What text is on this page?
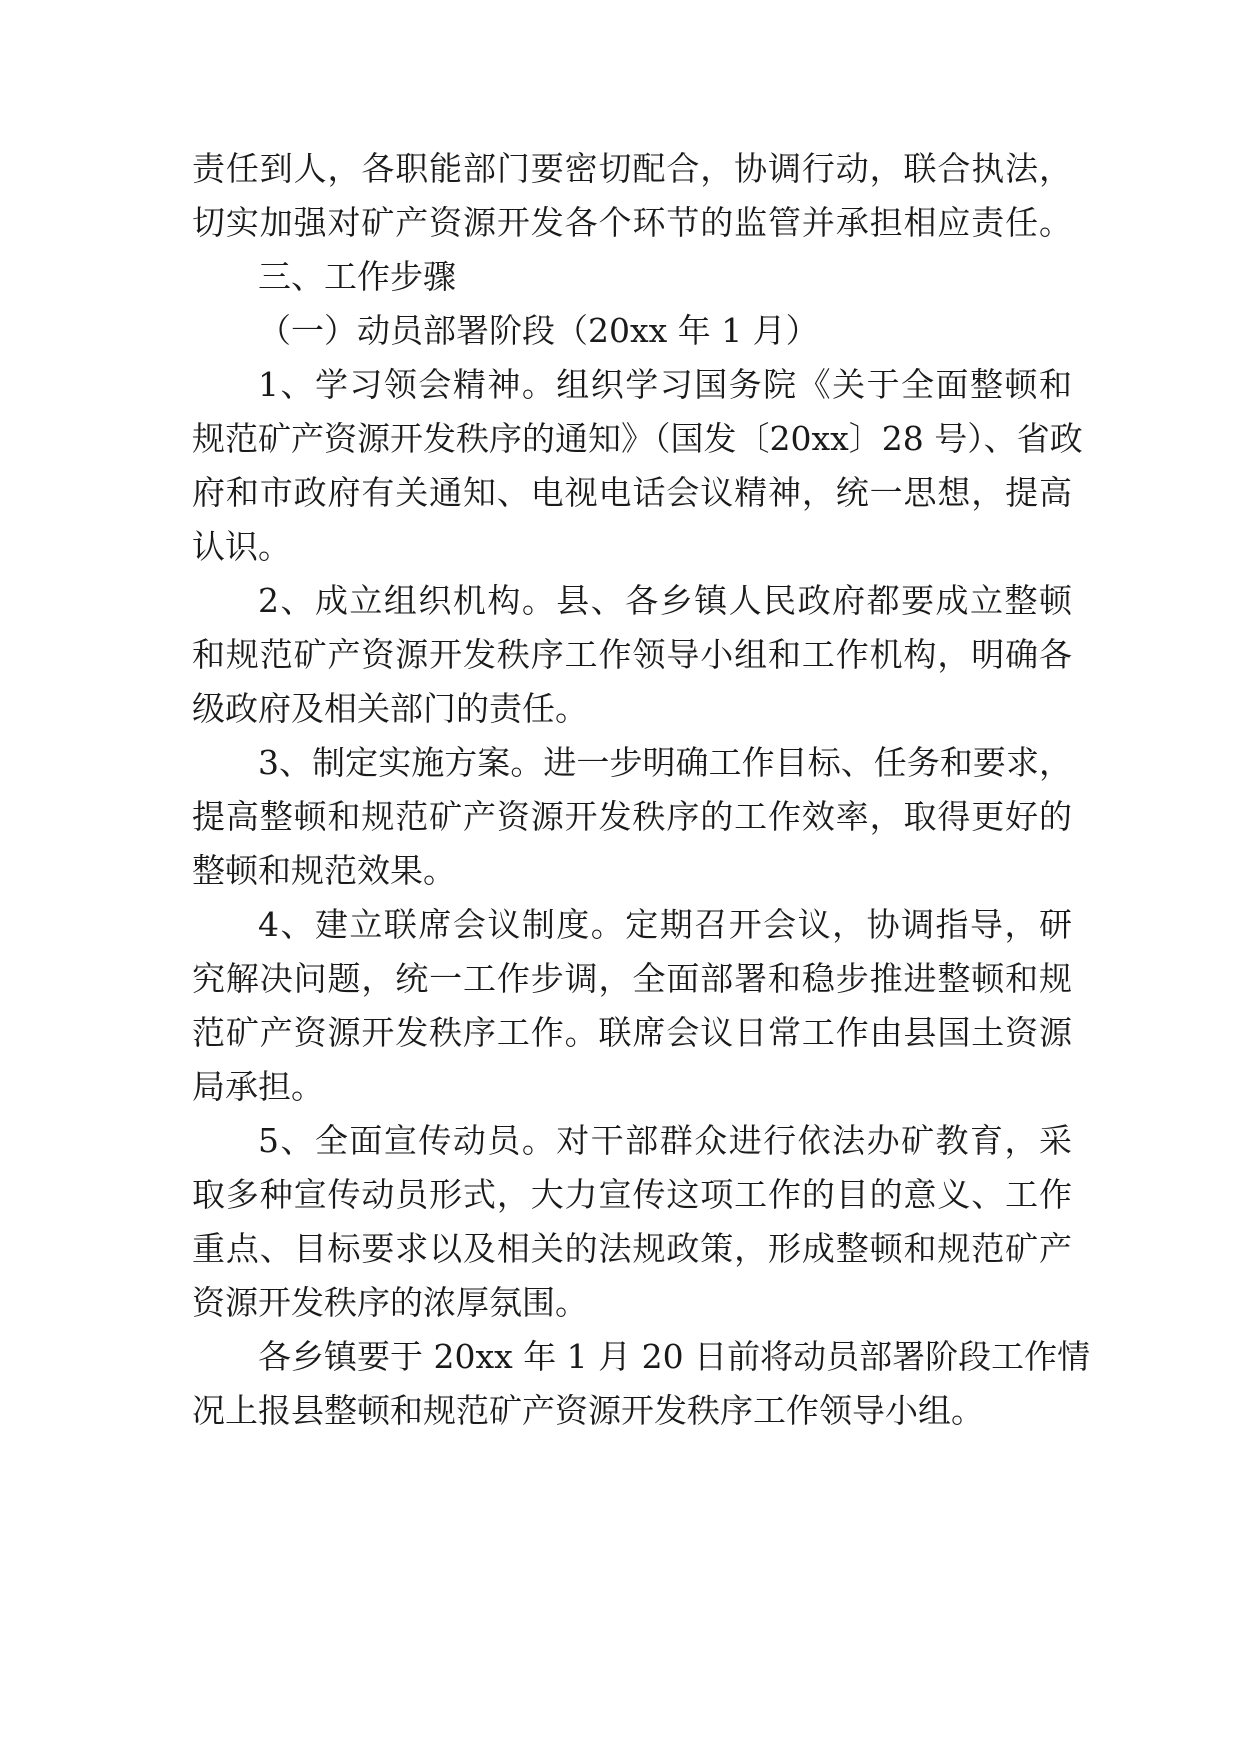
责任到人，各职能部门要密切配合，协调行动，联合执法，
切实加强对矿产资源开发各个环节的监管并承担相应责任。
三、工作步骤
（一）动员部署阶段（20xx 年 1 月）
1、学习领会精神。组织学习国务院《关于全面整顿和
规范矿产资源开发秩序的通知》（国发〔20xx〕28 号）、省政
府和市政府有关通知、电视电话会议精神，统一思想，提高
认识。
2、成立组织机构。县、各乡镇人民政府都要成立整顿
和规范矿产资源开发秩序工作领导小组和工作机构，明确各
级政府及相关部门的责任。
3、制定实施方案。进一步明确工作目标、任务和要求，
提高整顿和规范矿产资源开发秩序的工作效率，取得更好的
整顿和规范效果。
4、建立联席会议制度。定期召开会议，协调指导，研
究解决问题，统一工作步调，全面部署和稳步推进整顿和规
范矿产资源开发秩序工作。联席会议日常工作由县国土资源
局承担。
5、全面宣传动员。对干部群众进行依法办矿教育，采
取多种宣传动员形式，大力宣传这项工作的目的意义、工作
重点、目标要求以及相关的法规政策，形成整顿和规范矿产
资源开发秩序的浓厚氛围。
各乡镇要于 20xx 年 1 月 20 日前将动员部署阶段工作情
况上报县整顿和规范矿产资源开发秩序工作领导小组。
